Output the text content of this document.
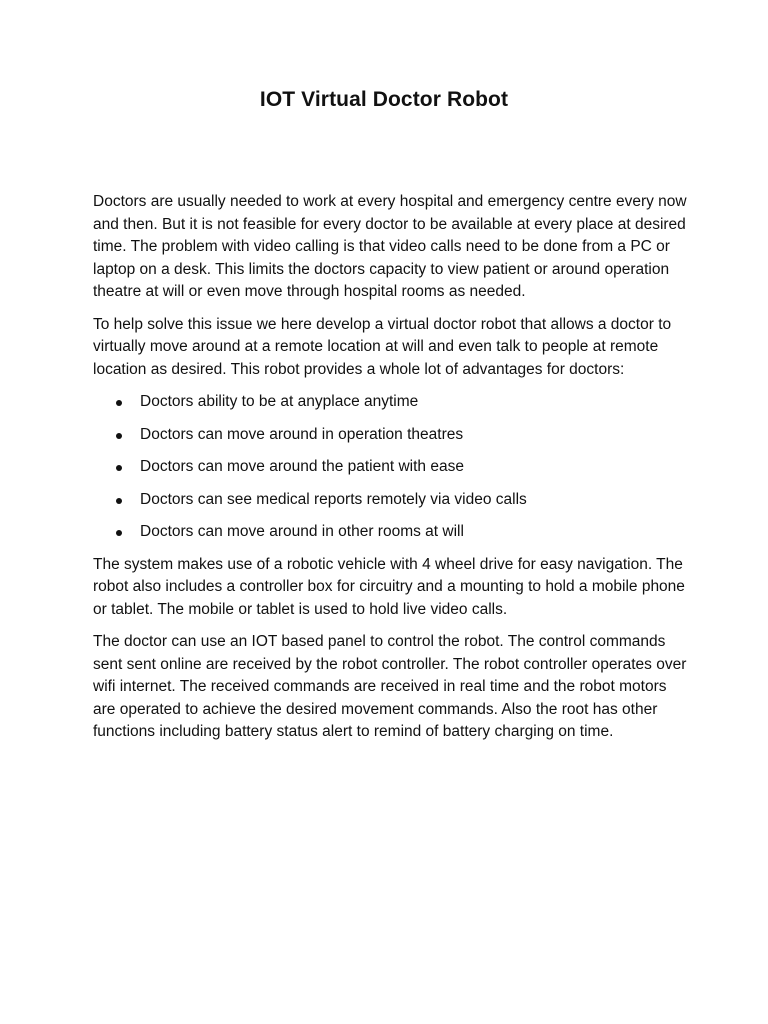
IOT Virtual Doctor Robot

Doctors are usually needed to work at every hospital and emergency centre every now and then. But it is not feasible for every doctor to be available at every place at desired time. The problem with video calling is that video calls need to be done from a PC or laptop on a desk. This limits the doctors capacity to view patient or around operation theatre at will or even move through hospital rooms as needed.

To help solve this issue we here develop a virtual doctor robot that allows a doctor to virtually move around at a remote location at will and even talk to people at remote location as desired. This robot provides a whole lot of advantages for doctors:

Doctors ability to be at anyplace anytime
Doctors can move around in operation theatres
Doctors can move around the patient with ease
Doctors can see medical reports remotely via video calls
Doctors can move around in other rooms at will

The system makes use of a robotic vehicle with 4 wheel drive for easy navigation. The robot also includes a controller box for circuitry and a mounting to hold a mobile phone or tablet. The mobile or tablet is used to hold live video calls.

The doctor can use an IOT based panel to control the robot. The control commands sent sent online are received by the robot controller. The robot controller operates over wifi internet. The received commands are received in real time and the robot motors are operated to achieve the desired movement commands. Also the root has other functions including battery status alert to remind of battery charging on time.
